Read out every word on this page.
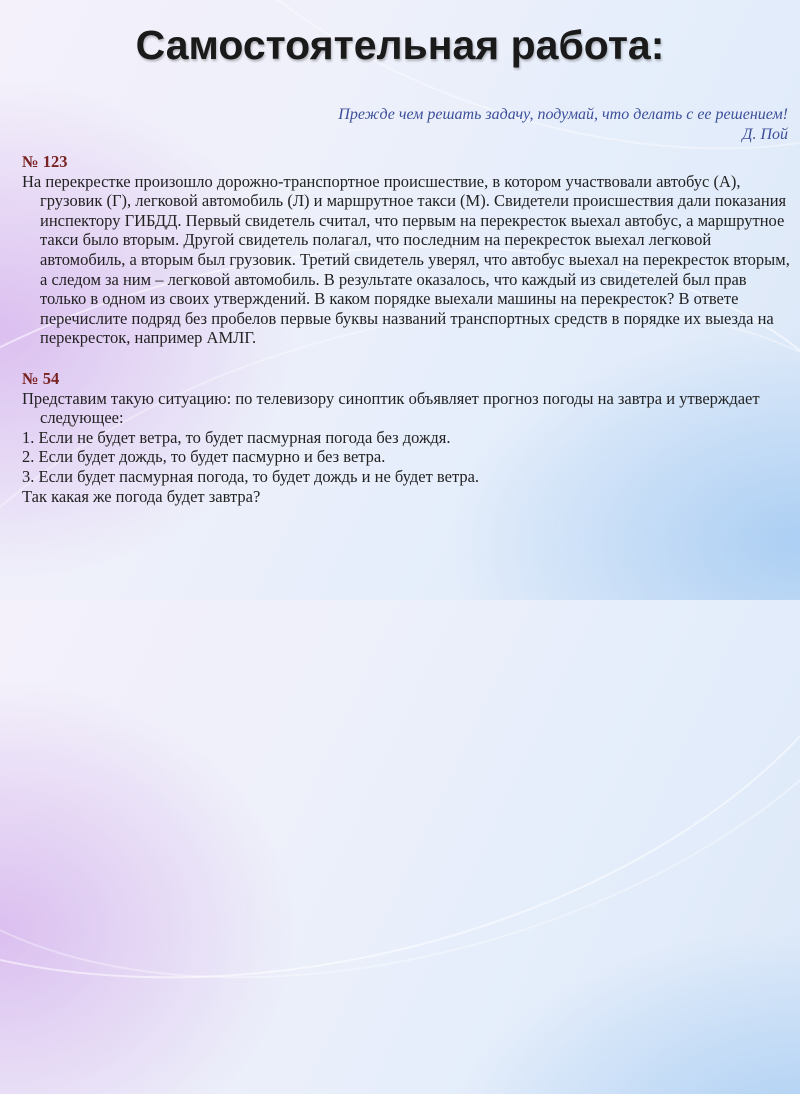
Самостоятельная работа:
Прежде чем решать задачу, подумай, что делать с ее решением!
Д. Пой
№ 123

На перекрестке произошло дорожно-транспортное происшествие, в котором участвовали автобус (А), грузовик (Г), легковой автомобиль (Л) и маршрутное такси (М). Свидетели происшествия дали показания инспектору ГИБДД. Первый свидетель считал, что первым на перекресток выехал автобус, а маршрутное такси было вторым. Другой свидетель полагал, что последним на перекресток выехал легковой автомобиль, а вторым был грузовик. Третий свидетель уверял, что автобус выехал на перекресток вторым, а следом за ним – легковой автомобиль. В результате оказалось, что каждый из свидетелей был прав только в одном из своих утверждений. В каком порядке выехали машины на перекресток? В ответе перечислите подряд без пробелов первые буквы названий транспортных средств в порядке их выезда на перекресток, например АМЛГ.

№ 54

Представим такую ситуацию: по телевизору синоптик объявляет прогноз погоды на завтра и утверждает следующее:

1. Если не будет ветра, то будет пасмурная погода без дождя.

2. Если будет дождь, то будет пасмурно и без ветра.

3. Если будет пасмурная погода, то будет дождь и не будет ветра.

Так какая же погода будет завтра?
